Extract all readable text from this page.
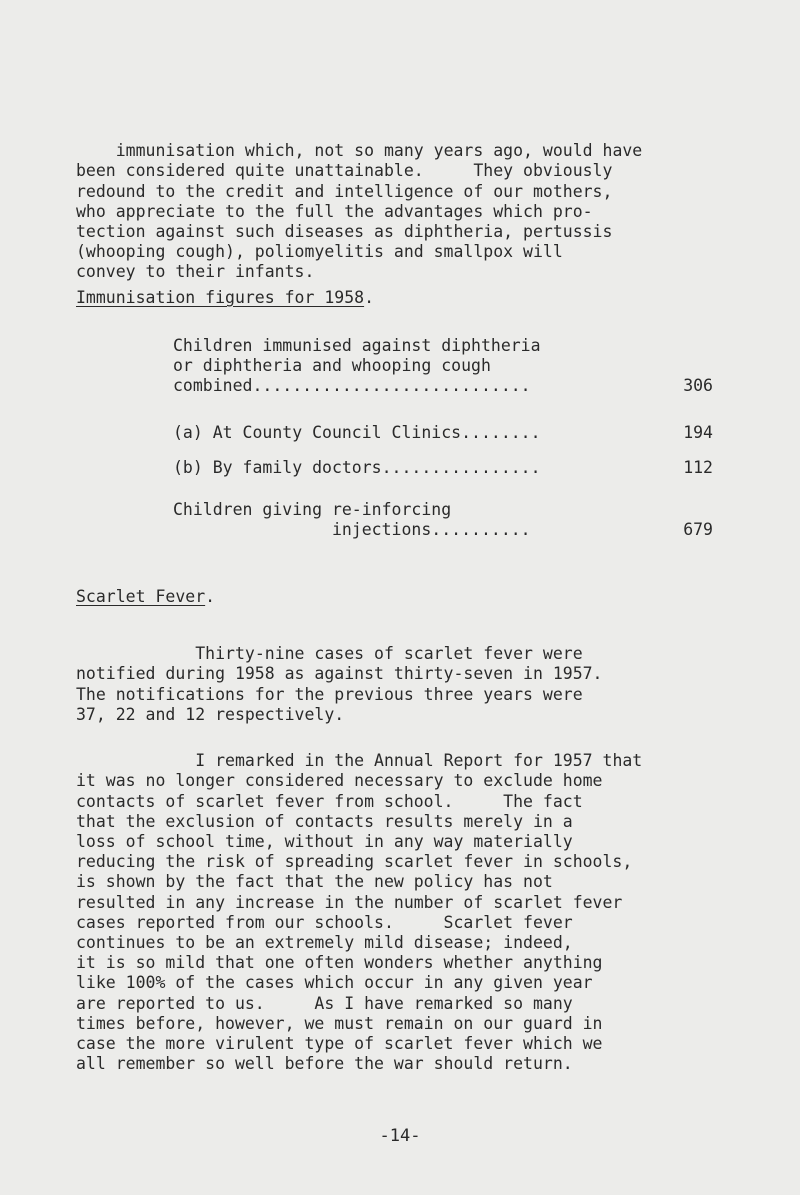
immunisation which, not so many years ago, would have
been considered quite unattainable.     They obviously
redound to the credit and intelligence of our mothers,
who appreciate to the full the advantages which pro-
tection against such diseases as diphtheria, pertussis
(whooping cough), poliomyelitis and smallpox will
convey to their infants.

Immunisation figures for 1958.
Children immunised against diphtheria
or diphtheria and whooping cough
combined............................	306
(a) At County Council Clinics........	194
(b) By family doctors................	112
Children giving re-inforcing
injections..........	679
Scarlet Fever.

Thirty-nine cases of scarlet fever were
notified during 1958 as against thirty-seven in 1957.
The notifications for the previous three years were
37, 22 and 12 respectively.

I remarked in the Annual Report for 1957 that
it was no longer considered necessary to exclude home
contacts of scarlet fever from school.     The fact
that the exclusion of contacts results merely in a
loss of school time, without in any way materially
reducing the risk of spreading scarlet fever in schools,
is shown by the fact that the new policy has not
resulted in any increase in the number of scarlet fever
cases reported from our schools.     Scarlet fever
continues to be an extremely mild disease; indeed,
it is so mild that one often wonders whether anything
like 100% of the cases which occur in any given year
are reported to us.     As I have remarked so many
times before, however, we must remain on our guard in
case the more virulent type of scarlet fever which we
all remember so well before the war should return.

-14-
